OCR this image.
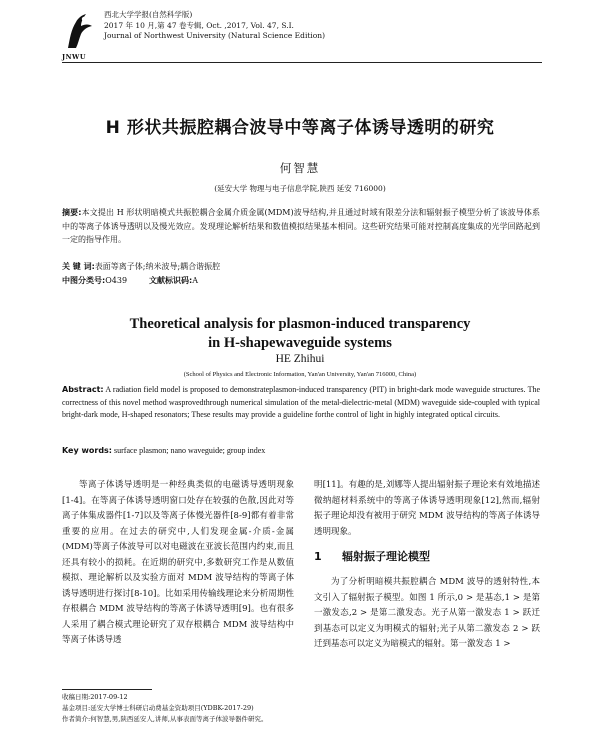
JNWU
西北大学学报(自然科学版)
2017 年 10 月,第 47 卷专辑, Oct. ,2017, Vol. 47, S.I.
Journal of Northwest University (Natural Science Edition)
H 形状共振腔耦合波导中等离子体诱导透明的研究
何智慧
(延安大学 物理与电子信息学院,陕西 延安 716000)
摘要:本文提出 H 形状明暗模式共振腔耦合金属介质金属(MDM)波导结构,并且通过时域有限差分法和辐射振子模型分析了该波导体系中的等离子体诱导透明以及慢光效应。发现理论解析结果和数值模拟结果基本相同。这些研究结果可能对控制高度集成的光学回路起到一定的指导作用。
关 键 词:表面等离子体;纳米波导;耦合谐振腔
中图分类号:O439	文献标识码:A
Theoretical analysis for plasmon-induced transparency
in H-shapewaveguide systems
HE Zhihui
(School of Physics and Electronic Information, Yan'an University, Yan'an 716000, China)
Abstract: A radiation field model is proposed to demonstrateplasmon-induced transparency (PIT) in bright-dark mode waveguide structures. The correctness of this novel method wasprovedthrough numerical simulation of the metal-dielectric-metal (MDM) waveguide side-coupled with typical bright-dark mode, H-shaped resonators; These results may provide a guideline forthe control of light in highly integrated optical circuits.
Key words: surface plasmon; nano waveguide; group index
等离子体诱导透明是一种经典类似的电磁诱导透明现象[1-4]。在等离子体诱导透明窗口处存在较强的色散,因此对等离子体集成器件[1-7]以及等离子体慢光器件[8-9]都有着非常重要的应用。在过去的研究中,人们发现金属-介质-金属(MDM)等离子体波导可以对电磁波在亚波长范围内约束,而且还具有较小的损耗。在近期的研究中,多数研究工作是从数值模拟、理论解析以及实验方面对 MDM 波导结构的等离子体诱导透明进行探讨[8-10]。比如采用传输线理论来分析周期性存根耦合 MDM 波导结构的等离子体诱导透明[9]。也有很多人采用了耦合模式理论研究了双存根耦合 MDM 波导结构中等离子体诱导透
明[11]。有趣的是,刘娜等人提出辐射振子理论来有效地描述微纳超材料系统中的等离子体诱导透明现象[12],然而,辐射振子理论却没有被用于研究 MDM 波导结构的等离子体诱导透明现象。
1 辐射振子理论模型
为了分析明暗模共振腔耦合 MDM 波导的透射特性,本文引入了辐射振子模型。如图 1 所示,0 > 是基态,1 > 是第一激发态,2 > 是第二激发态。光子从第一激发态 1 > 跃迁到基态可以定义为明模式的辐射;光子从第二激发态 2 > 跃迁到基态可以定义为暗模式的辐射。第一激发态 1 >
收稿日期:2017-09-12
基金项目:延安大学博士科研启动费基金资助项目(YDBK-2017-29)
作者简介:何智慧,男,陕西延安人,讲师,从事表面等离子体波导器件研究。
